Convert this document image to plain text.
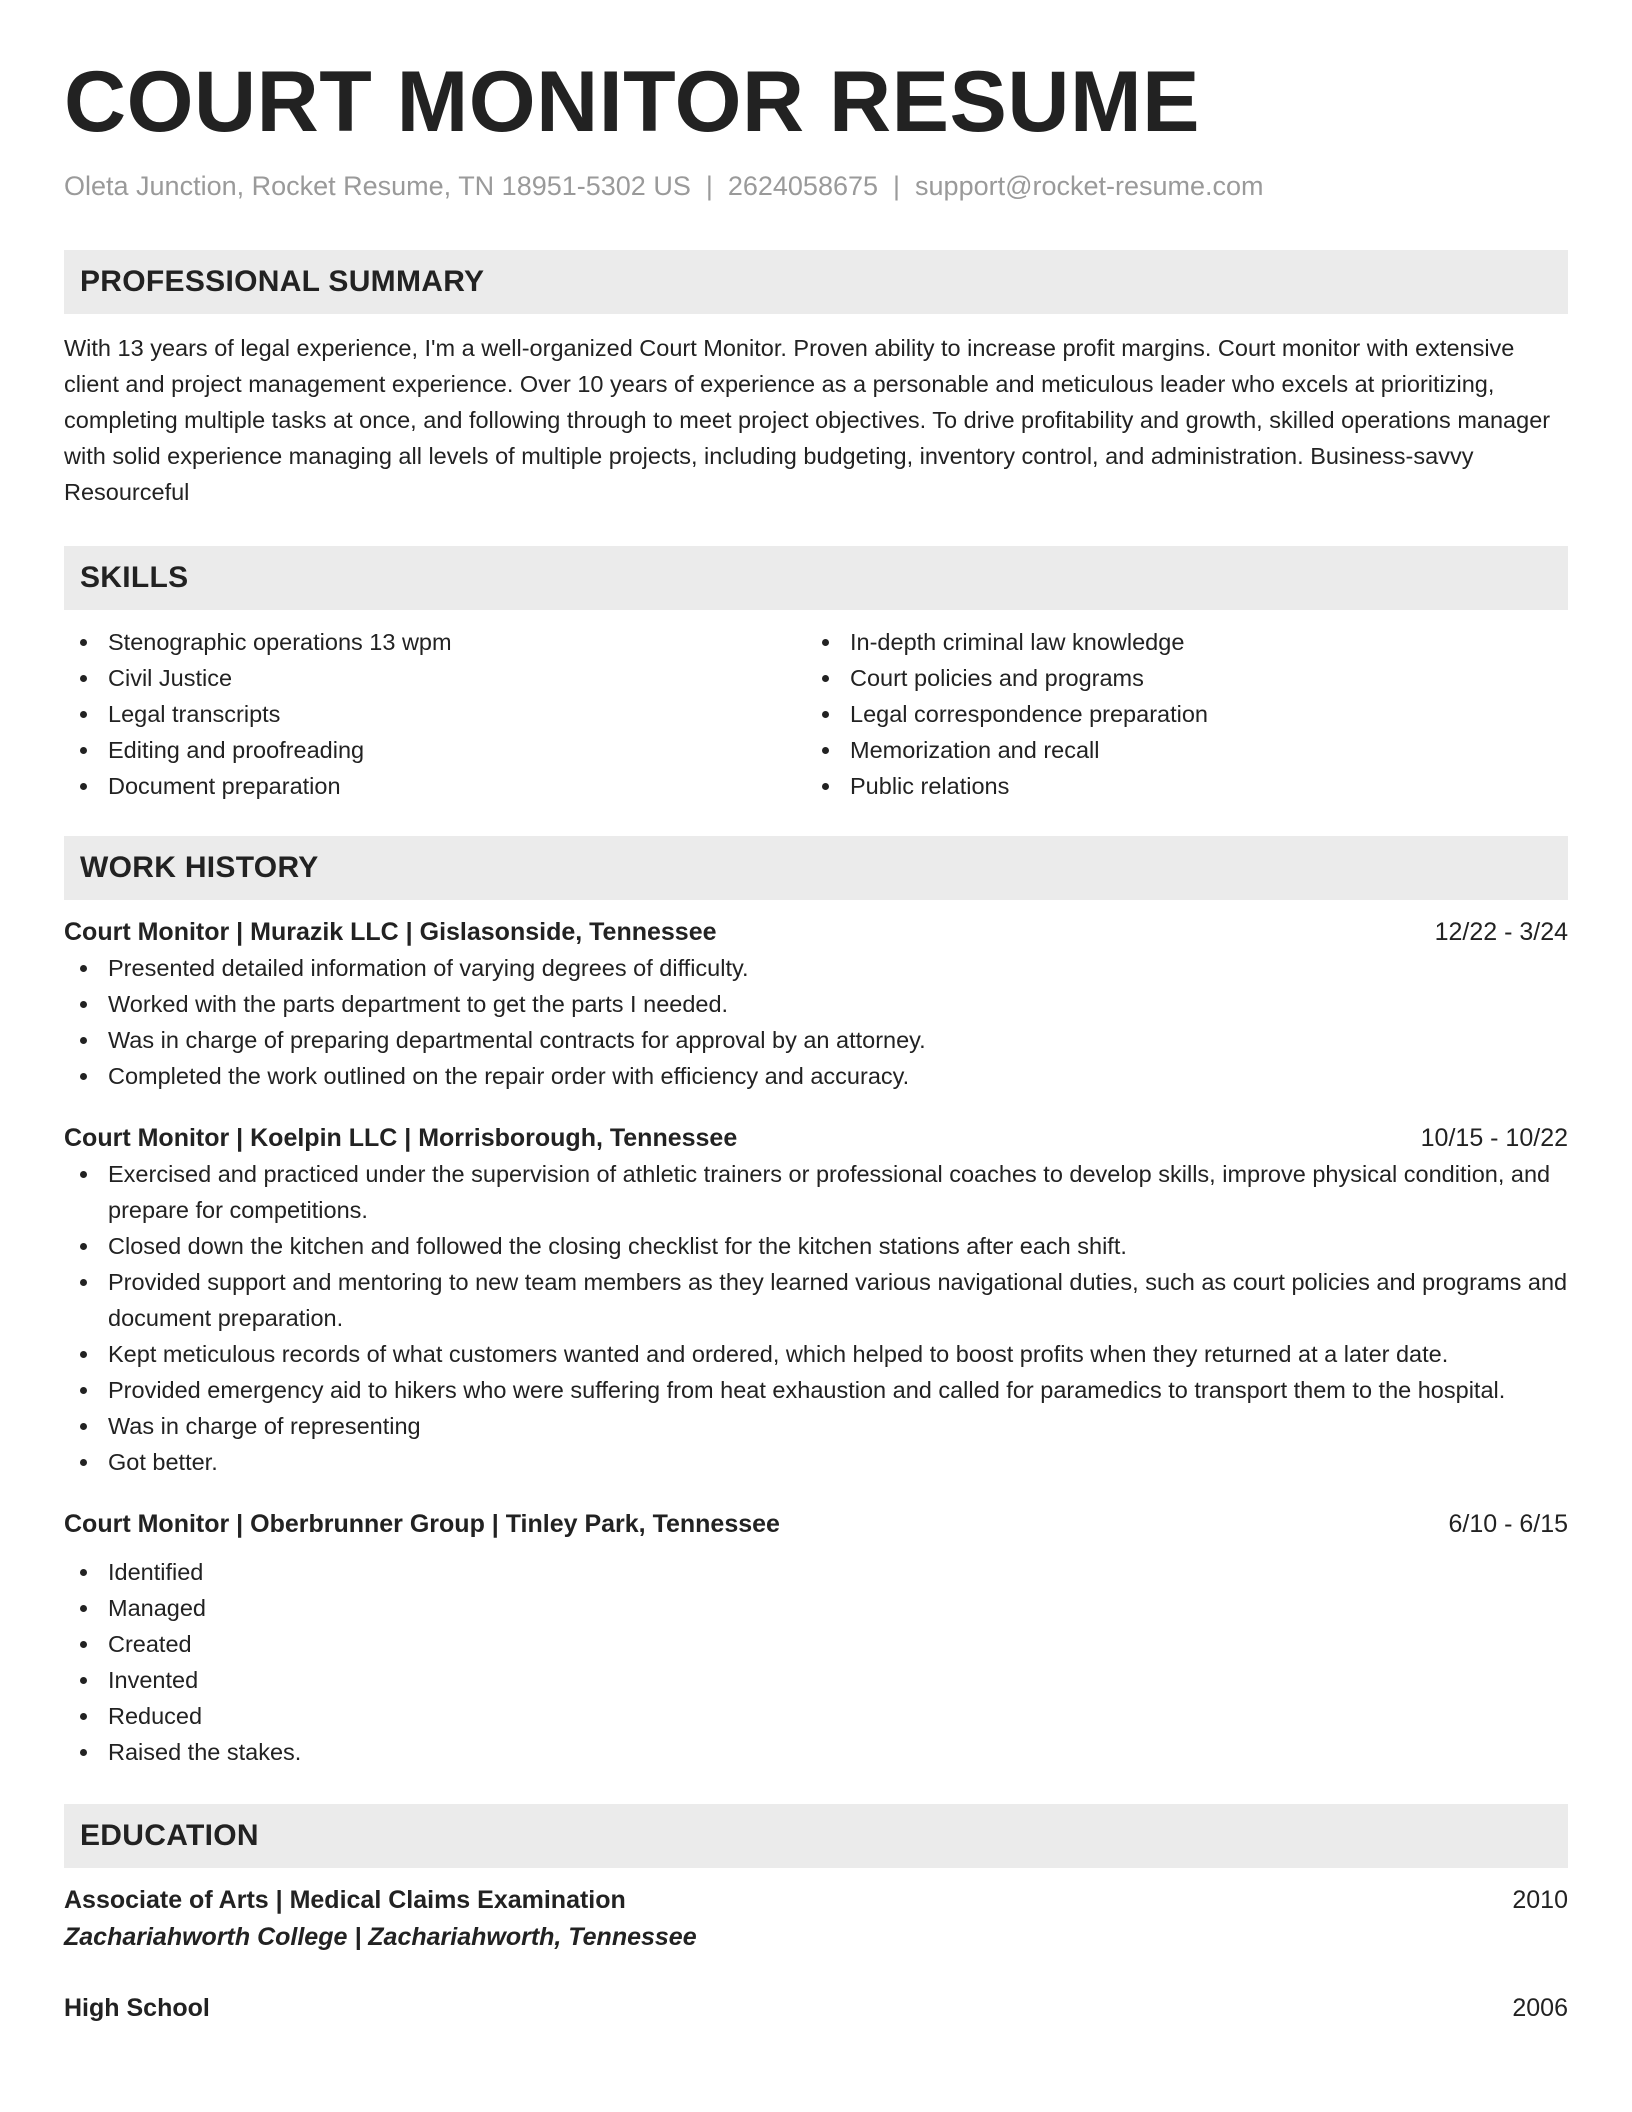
COURT MONITOR RESUME
Oleta Junction, Rocket Resume, TN 18951-5302 US | 2624058675 | support@rocket-resume.com
PROFESSIONAL SUMMARY

With 13 years of legal experience, I'm a well-organized Court Monitor. Proven ability to increase profit margins. Court monitor with extensive client and project management experience. Over 10 years of experience as a personable and meticulous leader who excels at prioritizing, completing multiple tasks at once, and following through to meet project objectives. To drive profitability and growth, skilled operations manager with solid experience managing all levels of multiple projects, including budgeting, inventory control, and administration. Business-savvy Resourceful

SKILLS
Stenographic operations 13 wpm
Civil Justice
Legal transcripts
Editing and proofreading
Document preparation
In-depth criminal law knowledge
Court policies and programs
Legal correspondence preparation
Memorization and recall
Public relations
WORK HISTORY
Court Monitor | Murazik LLC | Gislasonside, Tennessee	12/22 - 3/24
Presented detailed information of varying degrees of difficulty.
Worked with the parts department to get the parts I needed.
Was in charge of preparing departmental contracts for approval by an attorney.
Completed the work outlined on the repair order with efficiency and accuracy.
Court Monitor | Koelpin LLC | Morrisborough, Tennessee	10/15 - 10/22
Exercised and practiced under the supervision of athletic trainers or professional coaches to develop skills, improve physical condition, and prepare for competitions.
Closed down the kitchen and followed the closing checklist for the kitchen stations after each shift.
Provided support and mentoring to new team members as they learned various navigational duties, such as court policies and programs and document preparation.
Kept meticulous records of what customers wanted and ordered, which helped to boost profits when they returned at a later date.
Provided emergency aid to hikers who were suffering from heat exhaustion and called for paramedics to transport them to the hospital.
Was in charge of representing
Got better.
Court Monitor | Oberbrunner Group | Tinley Park, Tennessee	6/10 - 6/15
Identified
Managed
Created
Invented
Reduced
Raised the stakes.
EDUCATION
Associate of Arts | Medical Claims Examination	2010
Zachariahworth College | Zachariahworth, Tennessee
High School	2006
